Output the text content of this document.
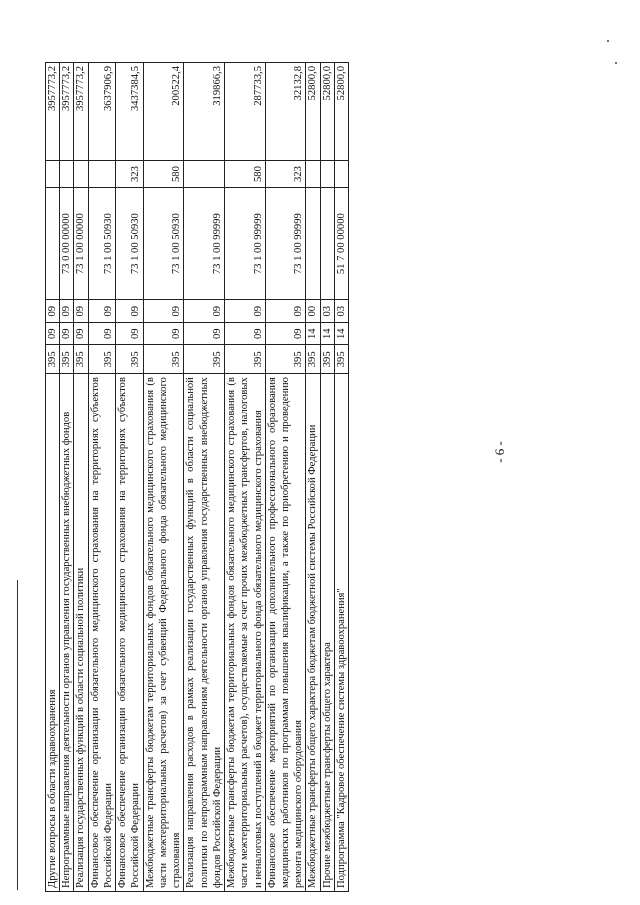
- 6 -
Другие вопросы в области здравоохранения	395	09	09			3957773,2
Непрограммные направления деятельности органов управления государственных внебюджетных фондов	395	09	09	73 0 00 00000		3957773,2
Реализация государственных функций в области социальной политики	395	09	09	73 1 00 00000		3957773,2
Финансовое обеспечение организации обязательного медицинского страхования на территориях субъектов Российской Федерации	395	09	09	73 1 00 50930		3637906,9
Финансовое обеспечение организации обязательного медицинского страхования на территориях субъектов Российской Федерации	395	09	09	73 1 00 50930	323	3437384,5
Межбюджетные трансферты бюджетам территориальных фондов обязательного медицинского страхования (в части межтерриториальных расчетов) за счет субвенций Федерального фонда обязательного медицинского страхования	395	09	09	73 1 00 50930	580	200522,4
Реализация направления расходов в рамках реализации государственных функций в области социальной политики по непрограммным направлениям деятельности органов управления государственных внебюджетных фондов Российской Федерации	395	09	09	73 1 00 99999		319866,3
Межбюджетные трансферты бюджетам территориальных фондов обязательного медицинского страхования (в части межтерриториальных расчетов), осуществляемые за счет прочих межбюджетных трансфертов, налоговых и неналоговых поступлений в бюджет территориального фонда обязательного медицинского страхования	395	09	09	73 1 00 99999	580	287733,5
Финансовое обеспечение мероприятий по организации дополнительного профессионального образования медицинских работников по программам повышения квалификации, а также по приобретению и проведению ремонта медицинского оборудования	395	09	09	73 1 00 99999	323	32132,8
Межбюджетные трансферты общего характера бюджетам бюджетной системы Российской Федерации	395	14	00			52800,0
Прочие межбюджетные трансферты общего характера	395	14	03			52800,0
Подпрограмма "Кадровое обеспечение системы здравоохранения"	395	14	03	51 7 00 00000		52800,0
